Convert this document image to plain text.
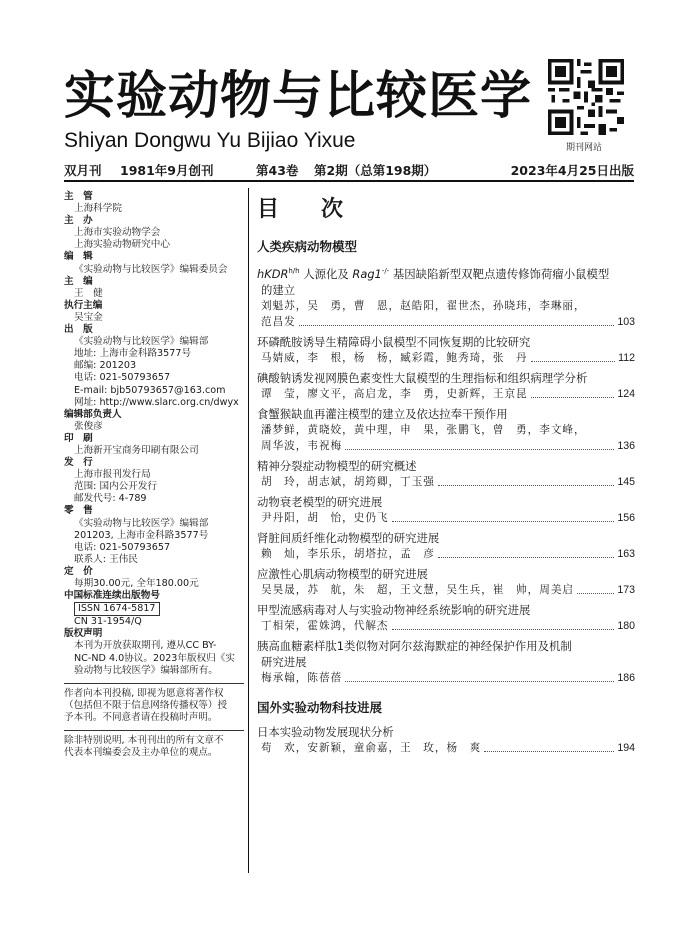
实验动物与比较医学
Shiyan Dongwu Yu Bijiao Yixue	期刊网站
双月刊 1981年9月创刊	第43卷 第2期（总第198期）	2023年4月25日出版
主　管
上海科学院
主　办
上海市实验动物学会
上海实验动物研究中心
编　辑
《实验动物与比较医学》编辑委员会
主　编
王　健
执行主编
吴宝金
出　版
《实验动物与比较医学》编辑部
地址: 上海市金科路3577号
邮编: 201203
电话: 021-50793657
E-mail: bjb50793657@163.com
网址: http://www.slarc.org.cn/dwyx
编辑部负责人
张俊彦
印　刷
上海新开宝商务印刷有限公司
发　行
上海市报刊发行局
范围: 国内公开发行
邮发代号: 4-789
零　售
《实验动物与比较医学》编辑部
201203, 上海市金科路3577号
电话: 021-50793657
联系人: 王伟民
定　价
每期30.00元, 全年180.00元
中国标准连续出版物号
ISSN 1674-5817
CN 31-1954/Q
版权声明
本刊为开放获取期刊, 遵从CC BY-
NC-ND 4.0协议。2023年版权归《实
验动物与比较医学》编辑部所有。
作者向本刊投稿, 即视为愿意将著作权
（包括但不限于信息网络传播权等）授
予本刊。不同意者请在投稿时声明。
除非特别说明, 本刊刊出的所有文章不
代表本刊编委会及主办单位的观点。
目　次
人类疾病动物模型
hKDR$^{h/h}$ 人源化及 Rag1-/- 基因缺陷新型双靶点遗传修饰荷瘤小鼠模型
的建立
刘魁苏，吴　勇，曹　恩，赵皓阳，翟世杰，孙晓玮，李琳丽，
范昌发	103
环磷酰胺诱导生精障碍小鼠模型不同恢复期的比较研究
马婧威，李　根，杨　杨，臧彩霞，鲍秀琦，张　丹	112
碘酸钠诱发视网膜色素变性大鼠模型的生理指标和组织病理学分析
谭　莹，廖文平，高启龙，李　勇，史新辉，王京昆	124
食蟹猴缺血再灌注模型的建立及依达拉奉干预作用
潘梦鲜，黄晓姣，黄中理，申　果，张鹏飞，曾　勇，李文峰，
周华波，韦祝梅	136
精神分裂症动物模型的研究概述
胡　玲，胡志斌，胡筠卿，丁玉强	145
动物衰老模型的研究进展
尹丹阳，胡　怡，史仍飞	156
肾脏间质纤维化动物模型的研究进展
赖　灿，李乐乐，胡塔拉，孟　彦	163
应激性心肌病动物模型的研究进展
吴昊晟，苏　航，朱　超，王文慧，吴生兵，崔　帅，周美启	173
甲型流感病毒对人与实验动物神经系统影响的研究进展
丁相荣，霍姝鸿，代解杰	180
胰高血糖素样肽1类似物对阿尔兹海默症的神经保护作用及机制
研究进展
梅承翰，陈蓓蓓	186
国外实验动物科技进展
日本实验动物发展现状分析
苟　欢，安新颖，童俞嘉，王　玫，杨　爽	194
